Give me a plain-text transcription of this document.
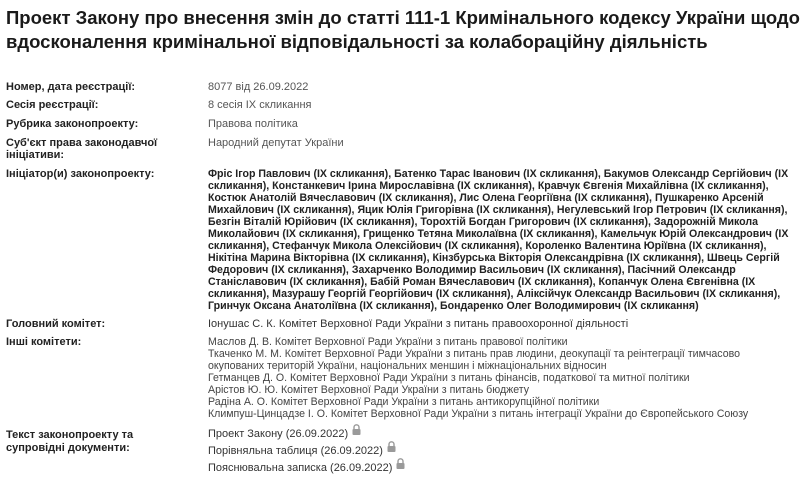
Проект Закону про внесення змін до статті 111-1 Кримінального кодексу України щодо вдосконалення кримінальної відповідальності за колабораційну діяльність
Номер, дата реєстрації:	8077 від 26.09.2022
Сесія реєстрації:	8 сесія IX скликання
Рубрика законопроекту:	Правова політика
Суб'єкт права законодавчої ініціативи:
Народний депутат України
Ініціатор(и) законопроекту:	Фріс Ігор Павлович (IX скликання), Батенко Тарас Іванович (IX скликання), Бакумов Олександр Сергійович (IX скликання), Констанкевич Ірина Мирославівна (IX скликання), Кравчук Євгенія Михайлівна (IX скликання), Костюк Анатолій Вячеславович (IX скликання), Лис Олена Георгіївна (IX скликання), Пушкаренко Арсеній Михайлович (IX скликання), Яцик Юлія Григорівна (IX скликання), Негулевський Ігор Петрович (IX скликання), Безгін Віталій Юрійович (IX скликання), Торохтій Богдан Григорович (IX скликання), Задорожній Микола Миколайович (IX скликання), Грищенко Тетяна Миколаївна (IX скликання), Камельчук Юрій Олександрович (IX скликання), Стефанчук Микола Олексійович (IX скликання), Короленко Валентина Юріївна (IX скликання), Нікітіна Марина Вікторівна (IX скликання), Кінзбурська Вікторія Олександрівна (IX скликання), Швець Сергій Федорович (IX скликання), Захарченко Володимир Васильович (IX скликання), Пасічний Олександр Станіславович (IX скликання), Бабій Роман Вячеславович (IX скликання), Копанчук Олена Євгенівна (IX скликання), Мазурашу Георгій Георгійович (IX скликання), Аліксійчук Олександр Васильович (IX скликання), Гринчук Оксана Анатоліївна (IX скликання), Бондаренко Олег Володимирович (IX скликання)
Головний комітет:	Іонушас С. К. Комітет Верховної Ради України з питань правоохоронної діяльності
Інші комітети:	Маслов Д. В. Комітет Верховної Ради України з питань правової політики
Ткаченко М. М. Комітет Верховної Ради України з питань прав людини, деокупації та реінтеграції тимчасово
окупованих територій України, національних меншин і міжнаціональних відносин
Гетманцев Д. О. Комітет Верховної Ради України з питань фінансів, податкової та митної політики
Арістов Ю. Ю. Комітет Верховної Ради України з питань бюджету
Радіна А. О. Комітет Верховної Ради України з питань антикорупційної політики
Климпуш-Цинцадзе І. О. Комітет Верховної Ради України з питань інтеграції України до Європейського Союзу
Текст законопроекту та супровідні документи:
Проект Закону (26.09.2022)
Порівняльна таблиця (26.09.2022)
Пояснювальна записка (26.09.2022)
